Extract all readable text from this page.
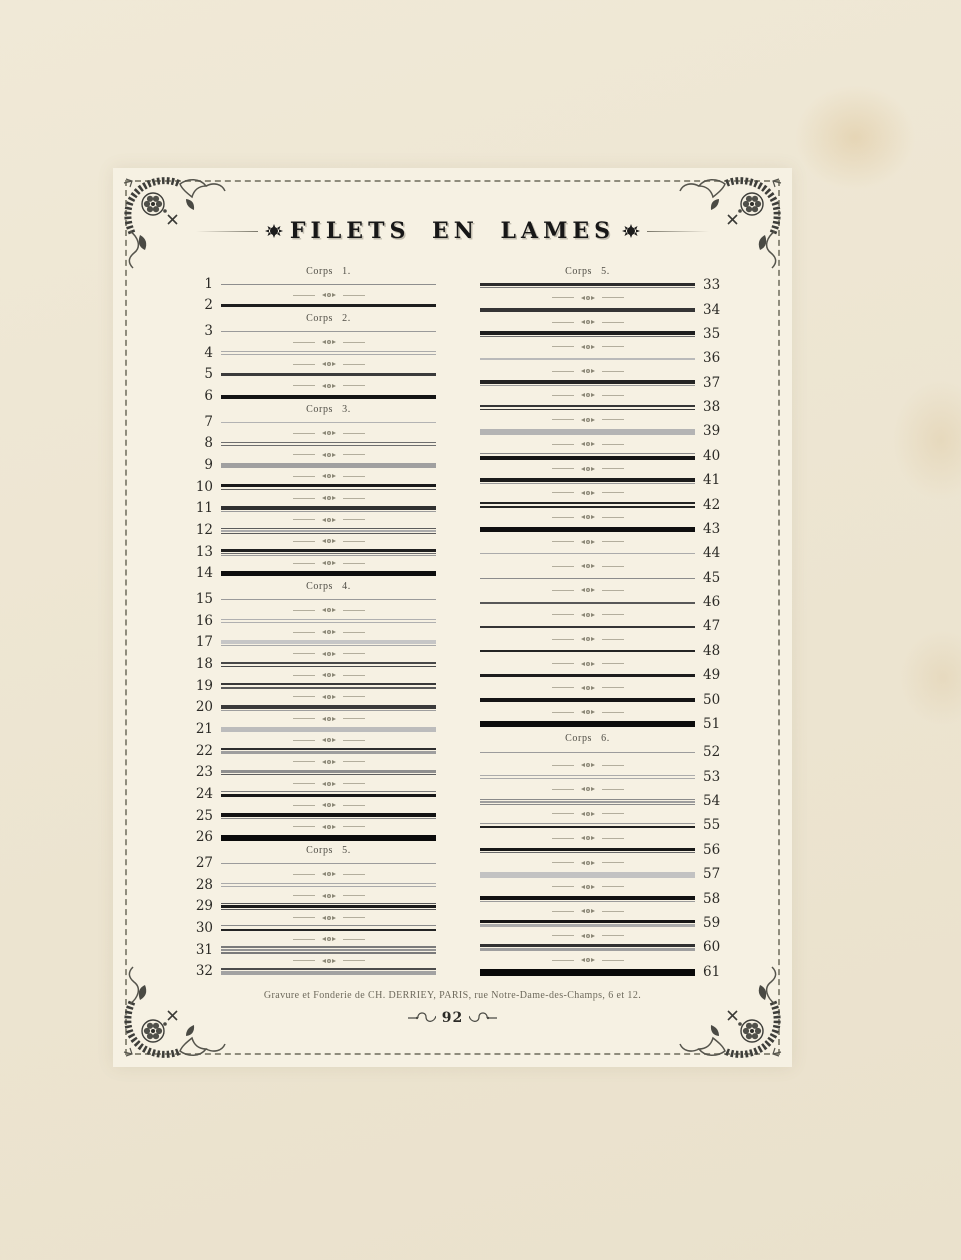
FILETS EN LAMES
Corps 1.
1
2
Corps 2.
3
4
5
6
Corps 3.
7
8
9
10
11
12
13
14
Corps 4.
15
16
17
18
19
20
21
22
23
24
25
26
Corps 5.
27
28
29
30
31
32
Corps 5.
33
34
35
36
37
38
39
40
41
42
43
44
45
46
47
48
49
50
51
Corps 6.
52
53
54
55
56
57
58
59
60
61
Gravure et Fonderie de CH. DERRIEY, PARIS, rue Notre-Dame-des-Champs, 6 et 12.
92
